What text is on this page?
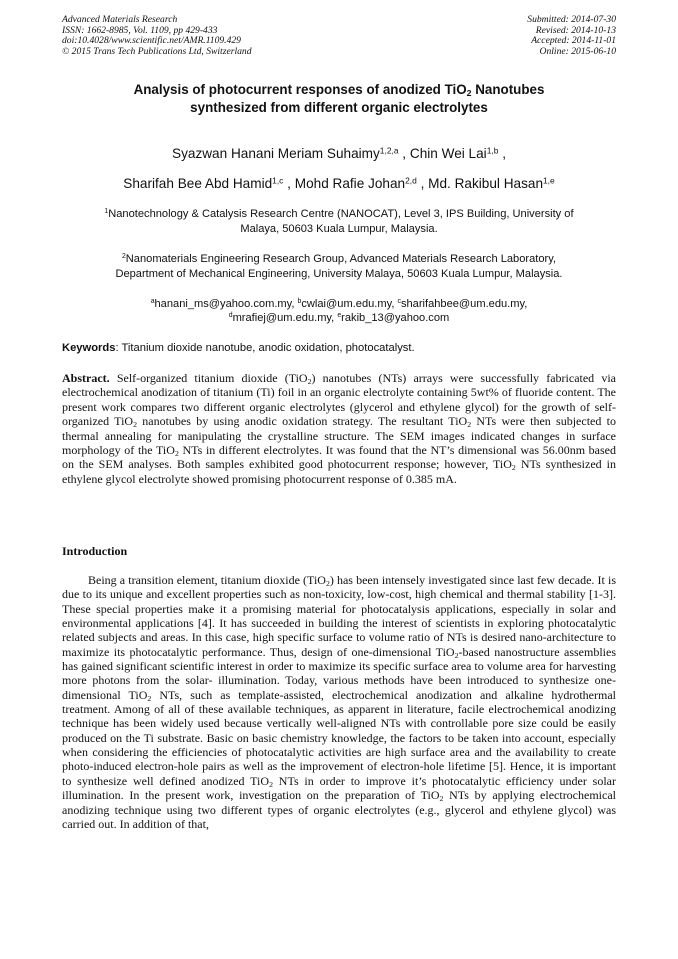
Advanced Materials Research
ISSN: 1662-8985, Vol. 1109, pp 429-433
doi:10.4028/www.scientific.net/AMR.1109.429
© 2015 Trans Tech Publications Ltd, Switzerland
Submitted: 2014-07-30
Revised: 2014-10-13
Accepted: 2014-11-01
Online: 2015-06-10
Analysis of photocurrent responses of anodized TiO$_2$ Nanotubes
synthesized from different organic electrolytes
Syazwan Hanani Meriam Suhaimy$^{1,2,a}$ , Chin Wei Lai$^{1,b}$ ,
Sharifah Bee Abd Hamid$^{1,c}$ , Mohd Rafie Johan$^{2,d}$ , Md. Rakibul Hasan$^{1,e}$
$^1$Nanotechnology & Catalysis Research Centre (NANOCAT), Level 3, IPS Building, University of
Malaya, 50603 Kuala Lumpur, Malaysia.
$^2$Nanomaterials Engineering Research Group, Advanced Materials Research Laboratory,
Department of Mechanical Engineering, University Malaya, 50603 Kuala Lumpur, Malaysia.
$^a$hanani_ms@yahoo.com.my, $^b$cwlai@um.edu.my, $^c$sharifahbee@um.edu.my,
$^d$mrafiej@um.edu.my, $^e$rakib_13@yahoo.com
Keywords: Titanium dioxide nanotube, anodic oxidation, photocatalyst.
Abstract. Self-organized titanium dioxide (TiO$_2$) nanotubes (NTs) arrays were successfully fabricated via electrochemical anodization of titanium (Ti) foil in an organic electrolyte containing 5wt% of fluoride content. The present work compares two different organic electrolytes (glycerol and ethylene glycol) for the growth of self-organized TiO$_2$ nanotubes by using anodic oxidation strategy. The resultant TiO$_2$ NTs were then subjected to thermal annealing for manipulating the crystalline structure. The SEM images indicated changes in surface morphology of the TiO$_2$ NTs in different electrolytes. It was found that the NT’s dimensional was 56.00nm based on the SEM analyses. Both samples exhibited good photocurrent response; however, TiO$_2$ NTs synthesized in ethylene glycol electrolyte showed promising photocurrent response of 0.385 mA.
Introduction
Being a transition element, titanium dioxide (TiO$_2$) has been intensely investigated since last few decade. It is due to its unique and excellent properties such as non-toxicity, low-cost, high chemical and thermal stability [1-3]. These special properties make it a promising material for photocatalysis applications, especially in solar and environmental applications [4]. It has succeeded in building the interest of scientists in exploring photocatalytic related subjects and areas. In this case, high specific surface to volume ratio of NTs is desired nano-architecture to maximize its photocatalytic performance. Thus, design of one-dimensional TiO$_2$-based nanostructure assemblies has gained significant scientific interest in order to maximize its specific surface area to volume area for harvesting more photons from the solar- illumination. Today, various methods have been introduced to synthesize one-dimensional TiO$_2$ NTs, such as template-assisted, electrochemical anodization and alkaline hydrothermal treatment. Among of all of these available techniques, as apparent in literature, facile electrochemical anodizing technique has been widely used because vertically well-aligned NTs with controllable pore size could be easily produced on the Ti substrate. Basic on basic chemistry knowledge, the factors to be taken into account, especially when considering the efficiencies of photocatalytic activities are high surface area and the availability to create photo-induced electron-hole pairs as well as the improvement of electron-hole lifetime [5]. Hence, it is important to synthesize well defined anodized TiO$_2$ NTs in order to improve it’s photocatalytic efficiency under solar illumination. In the present work, investigation on the preparation of TiO$_2$ NTs by applying electrochemical anodizing technique using two different types of organic electrolytes (e.g., glycerol and ethylene glycol) was carried out. In addition of that,
